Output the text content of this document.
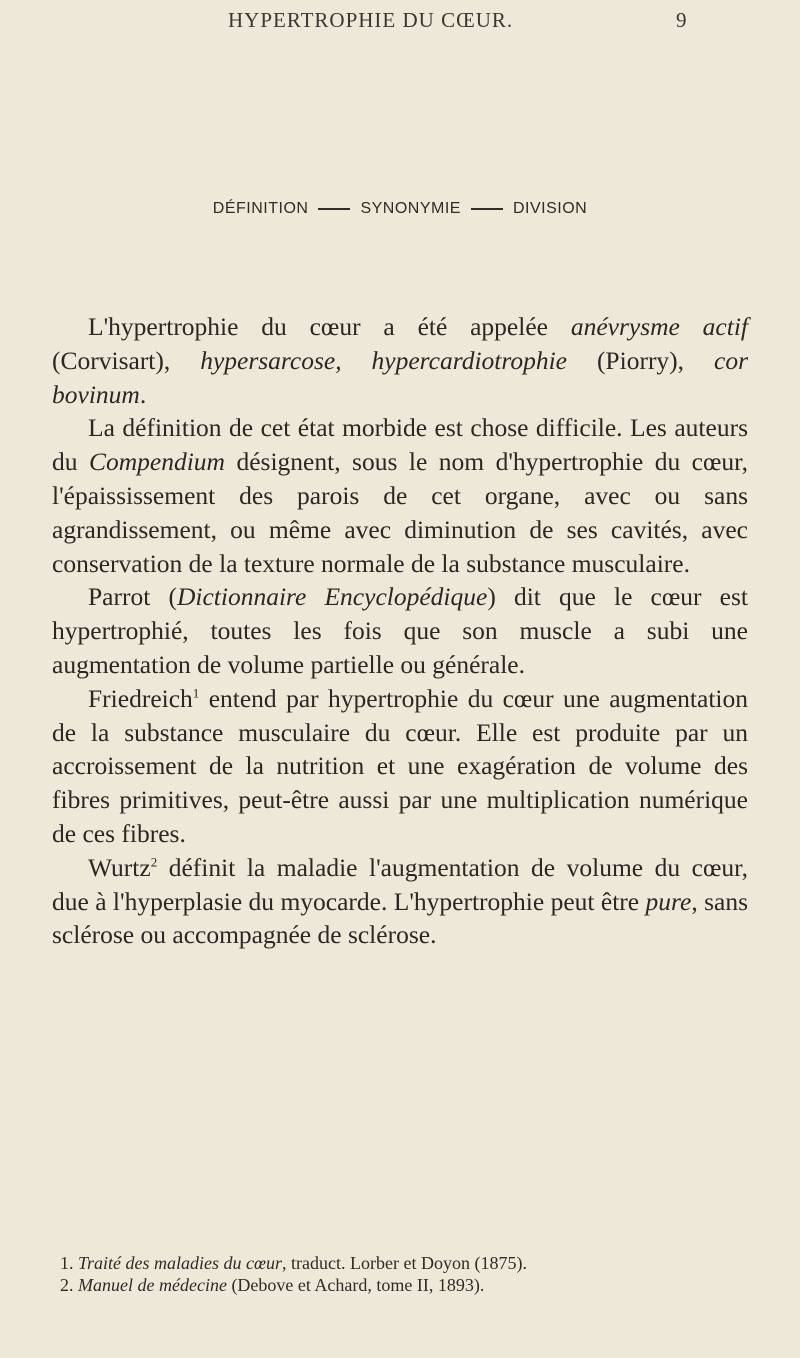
HYPERTROPHIE DU CŒUR.	9
DÉFINITION	SYNONYMIE	DIVISION

L'hypertrophie du cœur a été appelée anévrysme actif (Corvisart), hypersarcose, hypercardiotrophie (Piorry), cor bovinum.

La définition de cet état morbide est chose difficile. Les auteurs du Compendium désignent, sous le nom d'hypertrophie du cœur, l'épaississement des parois de cet organe, avec ou sans agrandissement, ou même avec diminution de ses cavités, avec conservation de la texture normale de la substance musculaire.

Parrot (Dictionnaire Encyclopédique) dit que le cœur est hypertrophié, toutes les fois que son muscle a subi une augmentation de volume partielle ou générale.

Friedreich$^1$ entend par hypertrophie du cœur une augmentation de la substance musculaire du cœur. Elle est produite par un accroissement de la nutrition et une exagération de volume des fibres primitives, peut-être aussi par une multiplication numérique de ces fibres.

Wurtz$^2$ définit la maladie l'augmentation de volume du cœur, due à l'hyperplasie du myocarde. L'hypertrophie peut être pure, sans sclérose ou accompagnée de sclérose.

1. Traité des maladies du cœur, traduct. Lorber et Doyon (1875).
2. Manuel de médecine (Debove et Achard, tome II, 1893).
